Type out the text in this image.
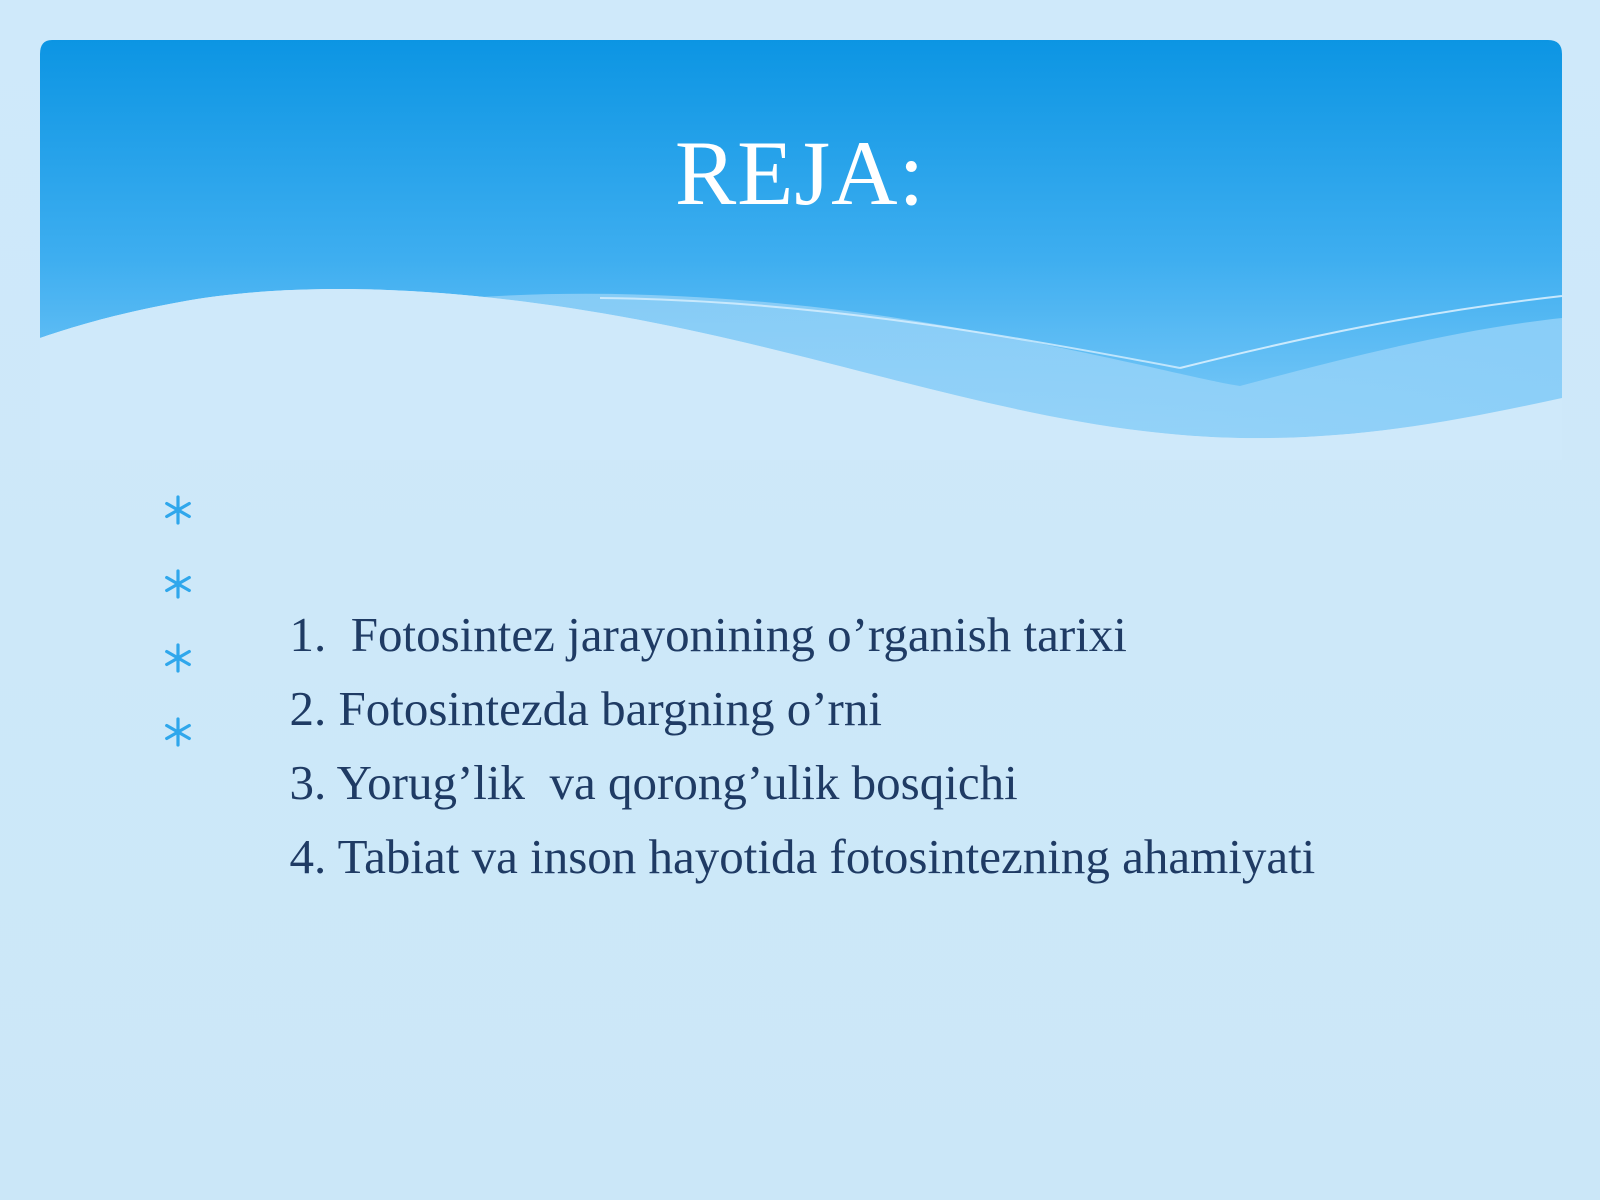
REJA:

1.  Fotosintez jarayonining o’rganish tarixi

2. Fotosintezda bargning o’rni

3. Yorug’lik  va qorong’ulik bosqichi

4. Tabiat va inson hayotida fotosintezning ahamiyati
